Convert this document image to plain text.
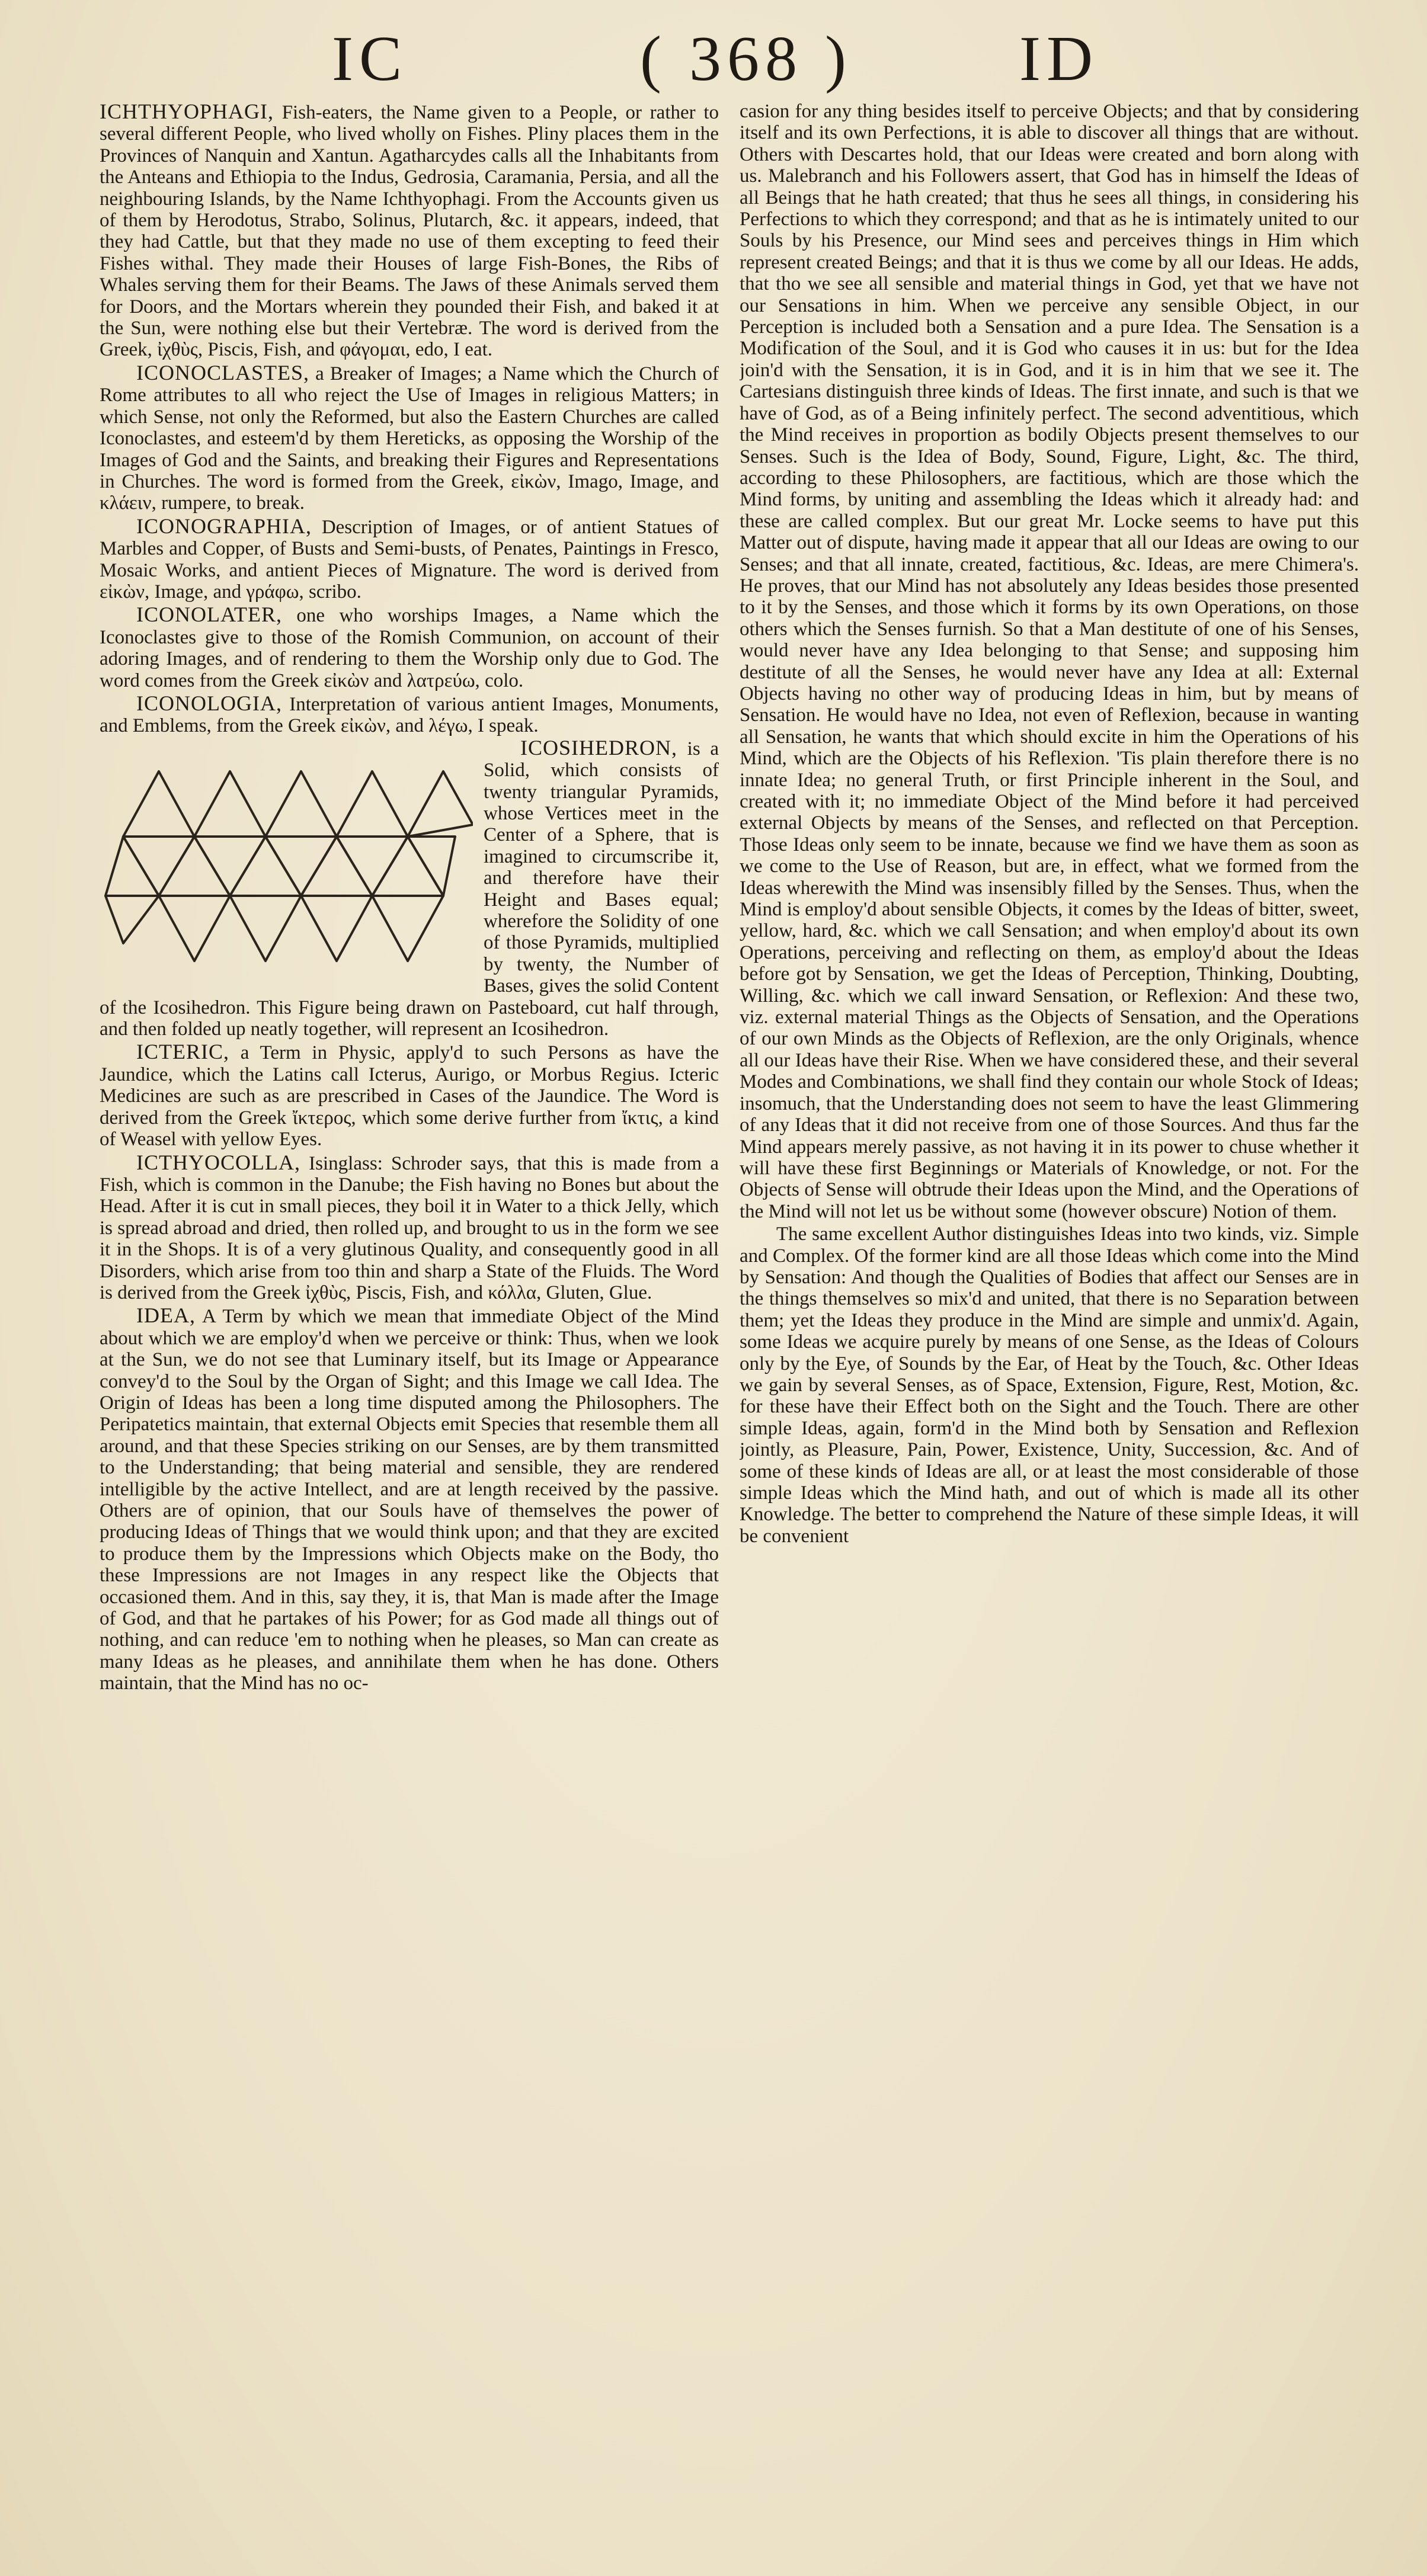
IC	( 368 )	ID

ICHTHYOPHAGI, Fish-eaters, the Name given to a People, or rather to several different People, who lived wholly on Fishes. Pliny places them in the Provinces of Nanquin and Xantun. Agatharcydes calls all the Inhabitants from the Anteans and Ethiopia to the Indus, Gedrosia, Caramania, Persia, and all the neighbouring Islands, by the Name Ichthyophagi. From the Accounts given us of them by Herodotus, Strabo, Solinus, Plutarch, &c. it appears, indeed, that they had Cattle, but that they made no use of them excepting to feed their Fishes withal. They made their Houses of large Fish-Bones, the Ribs of Whales serving them for their Beams. The Jaws of these Animals served them for Doors, and the Mortars wherein they pounded their Fish, and baked it at the Sun, were nothing else but their Vertebræ. The word is derived from the Greek, ἰχθὺς, Piscis, Fish, and φάγομαι, edo, I eat.

ICONOCLASTES, a Breaker of Images; a Name which the Church of Rome attributes to all who reject the Use of Images in religious Matters; in which Sense, not only the Reformed, but also the Eastern Churches are called Iconoclastes, and esteem'd by them Hereticks, as opposing the Worship of the Images of God and the Saints, and breaking their Figures and Representations in Churches. The word is formed from the Greek, εἰκὼν, Imago, Image, and κλάειν, rumpere, to break.

ICONOGRAPHIA, Description of Images, or of antient Statues of Marbles and Copper, of Busts and Semi-busts, of Penates, Paintings in Fresco, Mosaic Works, and antient Pieces of Mignature. The word is derived from εἰκὼν, Image, and γράφω, scribo.

ICONOLATER, one who worships Images, a Name which the Iconoclastes give to those of the Romish Communion, on account of their adoring Images, and of rendering to them the Worship only due to God. The word comes from the Greek εἰκὼν and λατρεύω, colo.

ICONOLOGIA, Interpretation of various antient Images, Monuments, and Emblems, from the Greek εἰκὼν, and λέγω, I speak.

ICOSIHEDRON, is a Solid, which consists of twenty triangular Pyramids, whose Vertices meet in the Center of a Sphere, that is imagined to circumscribe it, and therefore have their Height and Bases equal; wherefore the Solidity of one of those Pyramids, multiplied by twenty, the Number of Bases, gives the solid Content of the Icosihedron. This Figure being drawn on Pasteboard, cut half through, and then folded up neatly together, will represent an Icosihedron.

ICTERIC, a Term in Physic, apply'd to such Persons as have the Jaundice, which the Latins call Icterus, Aurigo, or Morbus Regius. Icteric Medicines are such as are prescribed in Cases of the Jaundice. The Word is derived from the Greek ἴκτερος, which some derive further from ἴκτις, a kind of Weasel with yellow Eyes.

ICTHYOCOLLA, Isinglass: Schroder says, that this is made from a Fish, which is common in the Danube; the Fish having no Bones but about the Head. After it is cut in small pieces, they boil it in Water to a thick Jelly, which is spread abroad and dried, then rolled up, and brought to us in the form we see it in the Shops. It is of a very glutinous Quality, and consequently good in all Disorders, which arise from too thin and sharp a State of the Fluids. The Word is derived from the Greek ἰχθὺς, Piscis, Fish, and κόλλα, Gluten, Glue.

IDEA, A Term by which we mean that immediate Object of the Mind about which we are employ'd when we perceive or think: Thus, when we look at the Sun, we do not see that Luminary itself, but its Image or Appearance convey'd to the Soul by the Organ of Sight; and this Image we call Idea. The Origin of Ideas has been a long time disputed among the Philosophers. The Peripatetics maintain, that external Objects emit Species that resemble them all around, and that these Species striking on our Senses, are by them transmitted to the Understanding; that being material and sensible, they are rendered intelligible by the active Intellect, and are at length received by the passive. Others are of opinion, that our Souls have of themselves the power of producing Ideas of Things that we would think upon; and that they are excited to produce them by the Impressions which Objects make on the Body, tho these Impressions are not Images in any respect like the Objects that occasioned them. And in this, say they, it is, that Man is made after the Image of God, and that he partakes of his Power; for as God made all things out of nothing, and can reduce 'em to nothing when he pleases, so Man can create as many Ideas as he pleases, and annihilate them when he has done. Others maintain, that the Mind has no oc-

casion for any thing besides itself to perceive Objects; and that by considering itself and its own Perfections, it is able to discover all things that are without. Others with Descartes hold, that our Ideas were created and born along with us. Malebranch and his Followers assert, that God has in himself the Ideas of all Beings that he hath created; that thus he sees all things, in considering his Perfections to which they correspond; and that as he is intimately united to our Souls by his Presence, our Mind sees and perceives things in Him which represent created Beings; and that it is thus we come by all our Ideas. He adds, that tho we see all sensible and material things in God, yet that we have not our Sensations in him. When we perceive any sensible Object, in our Perception is included both a Sensation and a pure Idea. The Sensation is a Modification of the Soul, and it is God who causes it in us: but for the Idea join'd with the Sensation, it is in God, and it is in him that we see it. The Cartesians distinguish three kinds of Ideas. The first innate, and such is that we have of God, as of a Being infinitely perfect. The second adventitious, which the Mind receives in proportion as bodily Objects present themselves to our Senses. Such is the Idea of Body, Sound, Figure, Light, &c. The third, according to these Philosophers, are factitious, which are those which the Mind forms, by uniting and assembling the Ideas which it already had: and these are called complex. But our great Mr. Locke seems to have put this Matter out of dispute, having made it appear that all our Ideas are owing to our Senses; and that all innate, created, factitious, &c. Ideas, are mere Chimera's. He proves, that our Mind has not absolutely any Ideas besides those presented to it by the Senses, and those which it forms by its own Operations, on those others which the Senses furnish. So that a Man destitute of one of his Senses, would never have any Idea belonging to that Sense; and supposing him destitute of all the Senses, he would never have any Idea at all: External Objects having no other way of producing Ideas in him, but by means of Sensation. He would have no Idea, not even of Reflexion, because in wanting all Sensation, he wants that which should excite in him the Operations of his Mind, which are the Objects of his Reflexion. 'Tis plain therefore there is no innate Idea; no general Truth, or first Principle inherent in the Soul, and created with it; no immediate Object of the Mind before it had perceived external Objects by means of the Senses, and reflected on that Perception. Those Ideas only seem to be innate, because we find we have them as soon as we come to the Use of Reason, but are, in effect, what we formed from the Ideas wherewith the Mind was insensibly filled by the Senses. Thus, when the Mind is employ'd about sensible Objects, it comes by the Ideas of bitter, sweet, yellow, hard, &c. which we call Sensation; and when employ'd about its own Operations, perceiving and reflecting on them, as employ'd about the Ideas before got by Sensation, we get the Ideas of Perception, Thinking, Doubting, Willing, &c. which we call inward Sensation, or Reflexion: And these two, viz. external material Things as the Objects of Sensation, and the Operations of our own Minds as the Objects of Reflexion, are the only Originals, whence all our Ideas have their Rise. When we have considered these, and their several Modes and Combinations, we shall find they contain our whole Stock of Ideas; insomuch, that the Understanding does not seem to have the least Glimmering of any Ideas that it did not receive from one of those Sources. And thus far the Mind appears merely passive, as not having it in its power to chuse whether it will have these first Beginnings or Materials of Knowledge, or not. For the Objects of Sense will obtrude their Ideas upon the Mind, and the Operations of the Mind will not let us be without some (however obscure) Notion of them.

The same excellent Author distinguishes Ideas into two kinds, viz. Simple and Complex. Of the former kind are all those Ideas which come into the Mind by Sensation: And though the Qualities of Bodies that affect our Senses are in the things themselves so mix'd and united, that there is no Separation between them; yet the Ideas they produce in the Mind are simple and unmix'd. Again, some Ideas we acquire purely by means of one Sense, as the Ideas of Colours only by the Eye, of Sounds by the Ear, of Heat by the Touch, &c. Other Ideas we gain by several Senses, as of Space, Extension, Figure, Rest, Motion, &c. for these have their Effect both on the Sight and the Touch. There are other simple Ideas, again, form'd in the Mind both by Sensation and Reflexion jointly, as Pleasure, Pain, Power, Existence, Unity, Succession, &c. And of some of these kinds of Ideas are all, or at least the most considerable of those simple Ideas which the Mind hath, and out of which is made all its other Knowledge. The better to comprehend the Nature of these simple Ideas, it will be convenient
